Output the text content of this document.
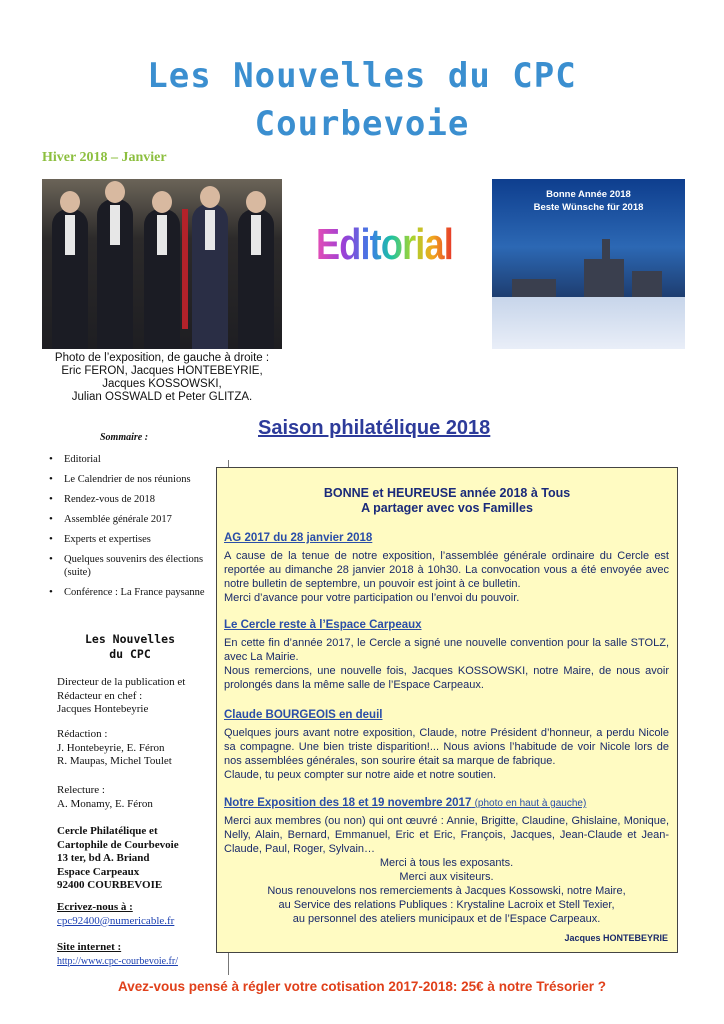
Les Nouvelles du CPC
Courbevoie
Hiver 2018 – Janvier
Photo de l’exposition, de gauche à droite :
Eric FERON, Jacques HONTEBEYRIE,
Jacques KOSSOWSKI,
Julian OSSWALD et Peter GLITZA.
Editorial
Bonne Année 2018
Beste Wünsche für 2018
Sommaire :
• Editorial
• Le Calendrier de nos réunions
• Rendez-vous de 2018
• Assemblée générale 2017
• Experts et expertises
• Quelques souvenirs des élections (suite)
• Conférence : La France paysanne
Les Nouvelles
du CPC
Directeur de la publication et
Rédacteur en chef :
Jacques Hontebeyrie
Rédaction :
J. Hontebeyrie, E. Féron
R. Maupas, Michel Toulet
Relecture :
A. Monamy, E. Féron
Cercle Philatélique et
Cartophile de Courbevoie
13 ter, bd A. Briand
Espace Carpeaux
92400 COURBEVOIE
Ecrivez-nous à :
cpc92400@numericable.fr
Site internet :
http://www.cpc-courbevoie.fr/
Saison philatélique 2018
BONNE et HEUREUSE année 2018 à Tous
A partager avec vos Familles
AG 2017 du 28 janvier 2018
A cause de la tenue de notre exposition, l’assemblée générale ordinaire du Cercle est reportée au dimanche 28 janvier 2018 à 10h30. La convocation vous a été envoyée avec notre bulletin de septembre, un pouvoir est joint à ce bulletin.
Merci d’avance pour votre participation ou l’envoi du pouvoir.
Le Cercle reste à l’Espace Carpeaux
En cette fin d’année 2017, le Cercle a signé une nouvelle convention pour la salle STOLZ, avec La Mairie.
Nous remercions, une nouvelle fois, Jacques KOSSOWSKI, notre Maire, de nous avoir prolongés dans la même salle de l’Espace Carpeaux.
Claude BOURGEOIS en deuil
Quelques jours avant notre exposition, Claude, notre Président d’honneur, a perdu Nicole sa compagne. Une bien triste disparition!... Nous avions l’habitude de voir Nicole lors de nos assemblées générales, son sourire était sa marque de fabrique.
Claude, tu peux compter sur notre aide et notre soutien.
Notre Exposition des 18 et 19 novembre 2017 (photo en haut à gauche)
Merci aux membres (ou non) qui ont œuvré : Annie, Brigitte, Claudine, Ghislaine, Monique, Nelly, Alain, Bernard, Emmanuel, Eric et Eric, François, Jacques, Jean-Claude et Jean-Claude, Paul, Roger, Sylvain…
Merci à tous les exposants.
Merci aux visiteurs.
Nous renouvelons nos remerciements à Jacques Kossowski, notre Maire,
au Service des relations Publiques : Krystaline Lacroix et Stell Texier,
au personnel des ateliers municipaux et de l’Espace Carpeaux.
Jacques HONTEBEYRIE
Avez-vous pensé à régler votre cotisation 2017-2018: 25€ à notre Trésorier ?
